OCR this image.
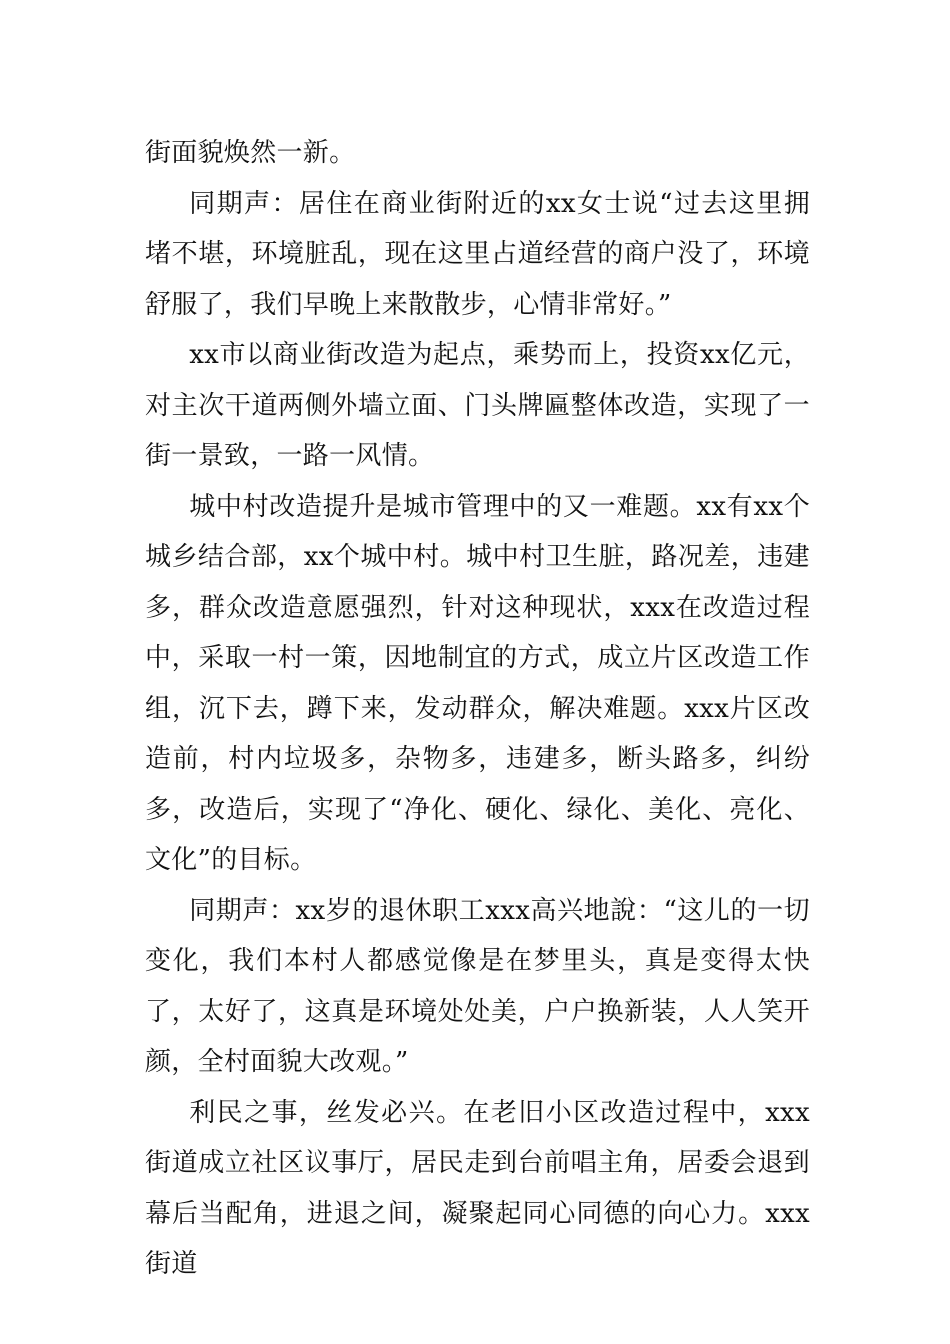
街面貌焕然一新。

同期声：居住在商业街附近的xx女士说“过去这里拥堵不堪，环境脏乱，现在这里占道经营的商户没了，环境舒服了，我们早晚上来散散步，心情非常好。”

xx市以商业街改造为起点，乘势而上，投资xx亿元，对主次干道两侧外墙立面、门头牌匾整体改造，实现了一街一景致，一路一风情。

城中村改造提升是城市管理中的又一难题。xx有xx个城乡结合部，xx个城中村。城中村卫生脏，路况差，违建多，群众改造意愿强烈，针对这种现状，xxx在改造过程中，采取一村一策，因地制宜的方式，成立片区改造工作组，沉下去，蹲下来，发动群众，解决难题。xxx片区改造前，村内垃圾多，杂物多，违建多，断头路多，纠纷多，改造后，实现了“净化、硬化、绿化、美化、亮化、文化”的目标。

同期声：xx岁的退休职工xxx高兴地說：“这儿的一切变化，我们本村人都感觉像是在梦里头，真是变得太快了，太好了，这真是环境处处美，户户换新装，人人笑开颜，全村面貌大改观。”

利民之事，丝发必兴。在老旧小区改造过程中，xxx街道成立社区议事厅，居民走到台前唱主角，居委会退到幕后当配角，进退之间，凝聚起同心同德的向心力。xxx街道
